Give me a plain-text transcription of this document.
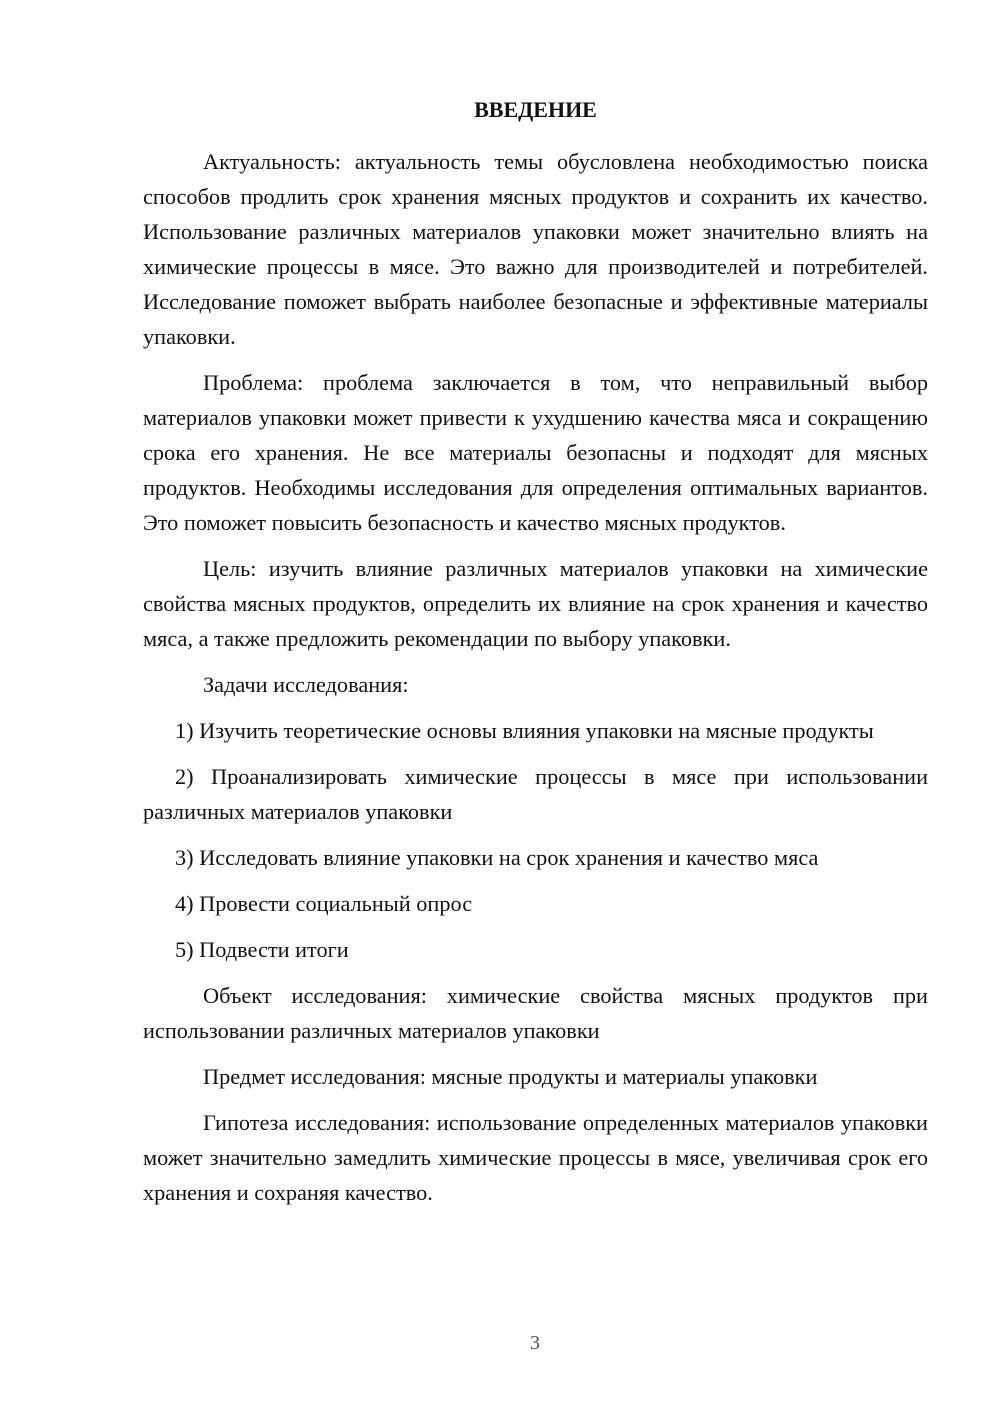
ВВЕДЕНИЕ

Актуальность: актуальность темы обусловлена необходимостью поиска способов продлить срок хранения мясных продуктов и сохранить их качество. Использование различных материалов упаковки может значительно влиять на химические процессы в мясе. Это важно для производителей и потребителей. Исследование поможет выбрать наиболее безопасные и эффективные материалы упаковки.

Проблема: проблема заключается в том, что неправильный выбор материалов упаковки может привести к ухудшению качества мяса и сокращению срока его хранения. Не все материалы безопасны и подходят для мясных продуктов. Необходимы исследования для определения оптимальных вариантов. Это поможет повысить безопасность и качество мясных продуктов.

Цель: изучить влияние различных материалов упаковки на химические свойства мясных продуктов, определить их влияние на срок хранения и качество мяса, а также предложить рекомендации по выбору упаковки.

Задачи исследования:

1) Изучить теоретические основы влияния упаковки на мясные продукты

2) Проанализировать химические процессы в мясе при использовании различных материалов упаковки

3) Исследовать влияние упаковки на срок хранения и качество мяса

4) Провести социальный опрос

5) Подвести итоги

Объект исследования: химические свойства мясных продуктов при использовании различных материалов упаковки

Предмет исследования: мясные продукты и материалы упаковки

Гипотеза исследования: использование определенных материалов упаковки может значительно замедлить химические процессы в мясе, увеличивая срок его хранения и сохраняя качество.

3
